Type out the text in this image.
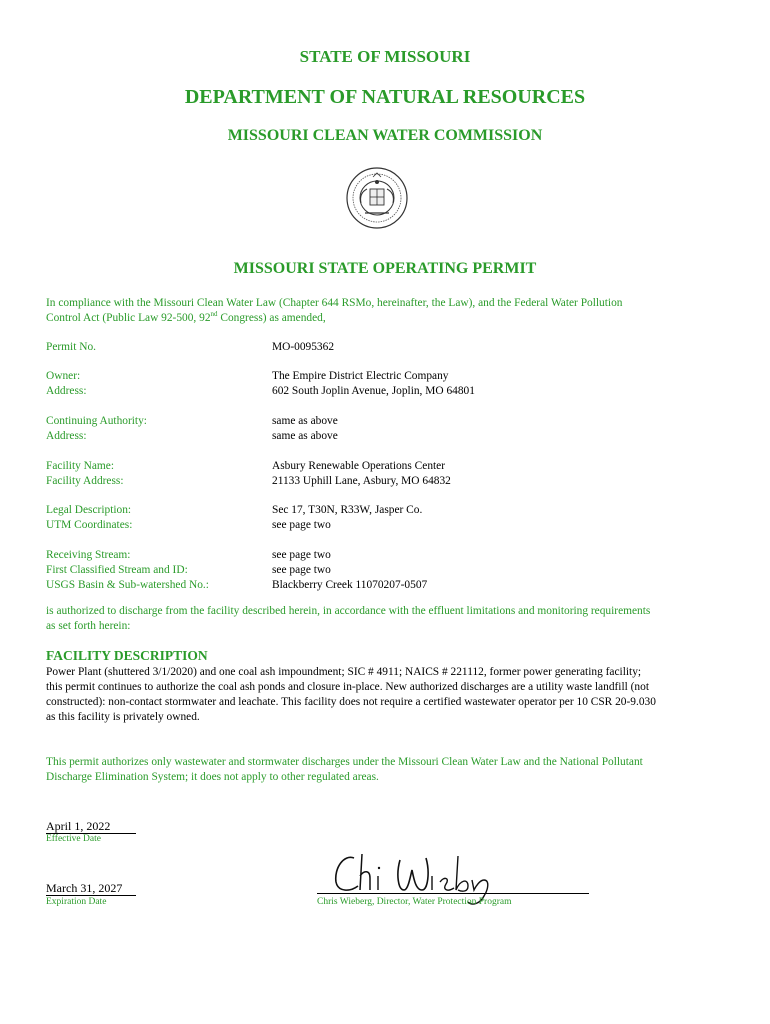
STATE OF MISSOURI
DEPARTMENT OF NATURAL RESOURCES
MISSOURI CLEAN WATER COMMISSION
MISSOURI STATE OPERATING PERMIT
In compliance with the Missouri Clean Water Law (Chapter 644 RSMo, hereinafter, the Law), and the Federal Water Pollution
Control Act (Public Law 92-500, 92nd Congress) as amended,
Permit No.	MO-0095362
Owner:	The Empire District Electric Company
Address:	602 South Joplin Avenue, Joplin, MO 64801
Continuing Authority:	same as above
Address:	same as above
Facility Name:	Asbury Renewable Operations Center
Facility Address:	21133 Uphill Lane, Asbury, MO 64832
Legal Description:	Sec 17, T30N, R33W, Jasper Co.
UTM Coordinates:	see page two
Receiving Stream:	see page two
First Classified Stream and ID:	see page two
USGS Basin & Sub-watershed No.:	Blackberry Creek 11070207-0507
is authorized to discharge from the facility described herein, in accordance with the effluent limitations and monitoring requirements
as set forth herein:
FACILITY DESCRIPTION
Power Plant (shuttered 3/1/2020) and one coal ash impoundment; SIC # 4911; NAICS # 221112, former power generating facility;
this permit continues to authorize the coal ash ponds and closure in-place. New authorized discharges are a utility waste landfill (not
constructed): non-contact stormwater and leachate. This facility does not require a certified wastewater operator per 10 CSR 20-9.030
as this facility is privately owned.
This permit authorizes only wastewater and stormwater discharges under the Missouri Clean Water Law and the National Pollutant
Discharge Elimination System; it does not apply to other regulated areas.
April 1, 2022
Effective Date
March 31, 2027
Expiration Date	Chris Wieberg, Director, Water Protection Program
